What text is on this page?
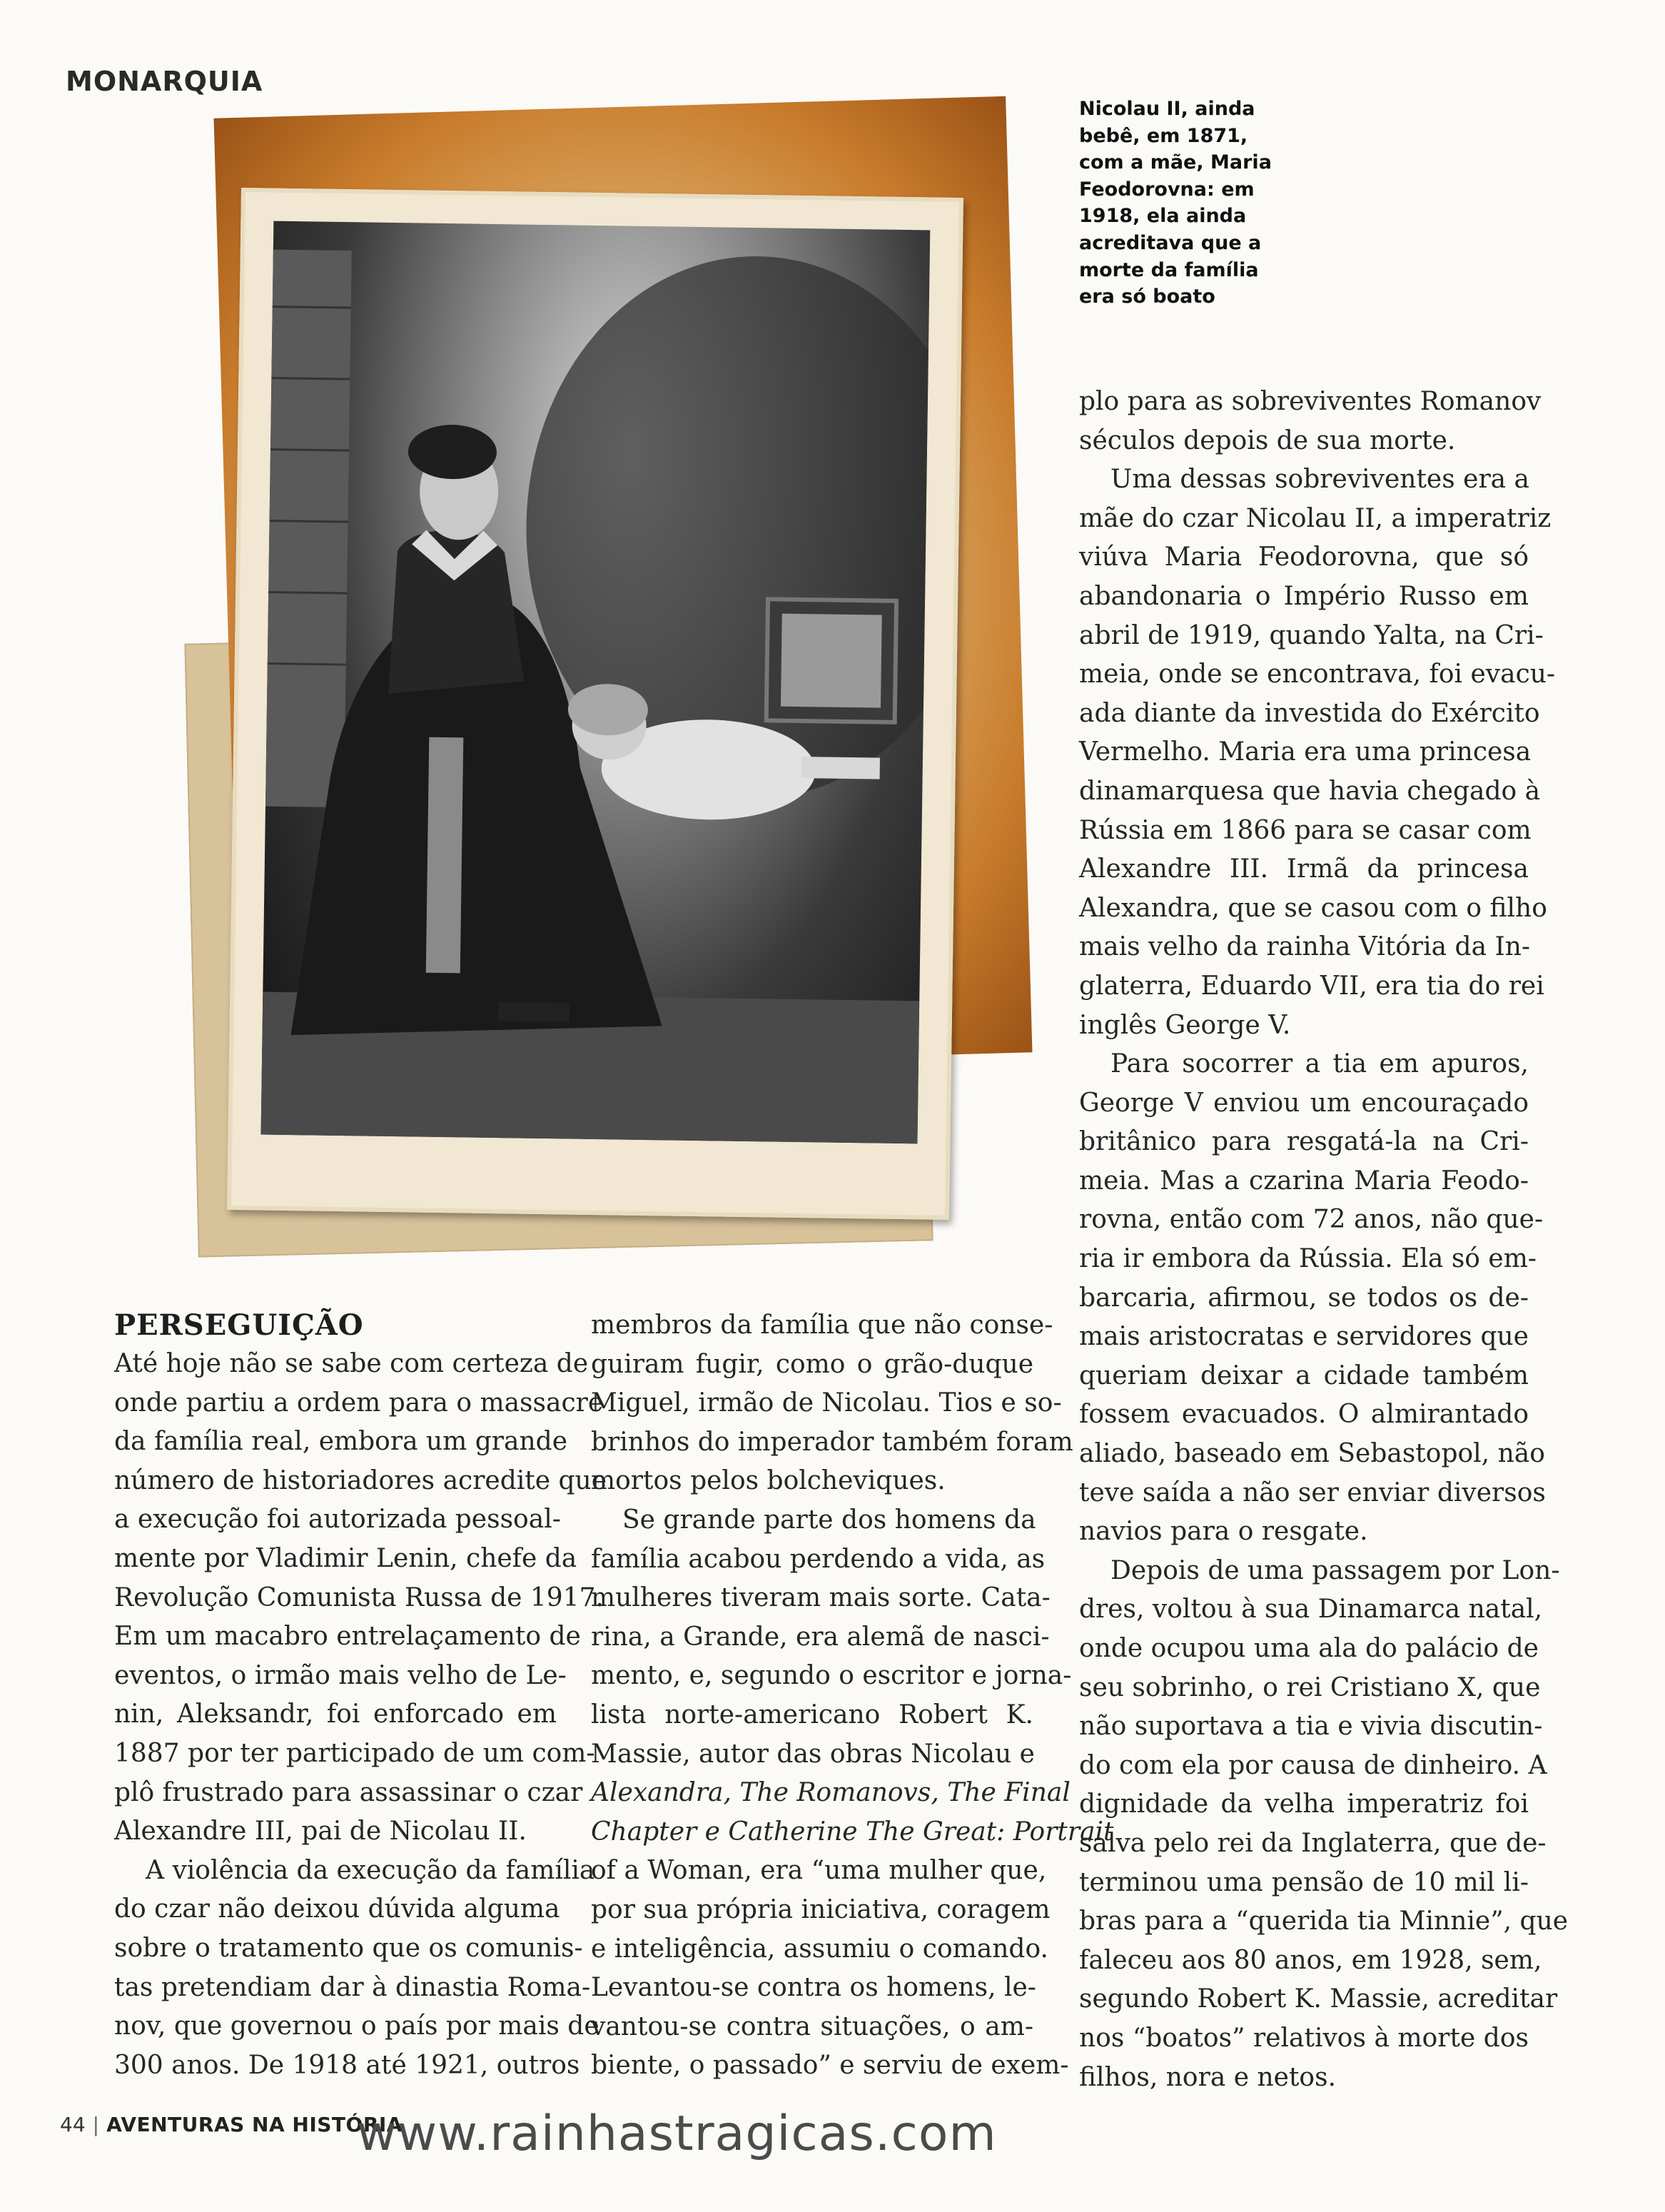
MONARQUIA
Nicolau II, ainda
bebê, em 1871,
com a mãe, Maria
Feodorovna: em
1918, ela ainda
acreditava que a
morte da família
era só boato

PERSEGUIÇÃO

Até hoje não se sabe com certeza de
onde partiu a ordem para o massacre
da família real, embora um grande
número de historiadores acredite que
a execução foi autorizada pessoal-
mente por Vladimir Lenin, chefe da
Revolução Comunista Russa de 1917.
Em um macabro entrelaçamento de
eventos, o irmão mais velho de Le-
nin, Aleksandr, foi enforcado em
1887 por ter participado de um com-
plô frustrado para assassinar o czar
Alexandre III, pai de Nicolau II.
A violência da execução da família
do czar não deixou dúvida alguma
sobre o tratamento que os comunis-
tas pretendiam dar à dinastia Roma-
nov, que governou o país por mais de
300 anos. De 1918 até 1921, outros
membros da família que não conse-
guiram fugir, como o grão-duque
Miguel, irmão de Nicolau. Tios e so-
brinhos do imperador também foram
mortos pelos bolcheviques.
Se grande parte dos homens da
família acabou perdendo a vida, as
mulheres tiveram mais sorte. Cata-
rina, a Grande, era alemã de nasci-
mento, e, segundo o escritor e jorna-
lista norte-americano Robert K.
Massie, autor das obras Nicolau e
Alexandra, The Romanovs, The Final
Chapter e Catherine The Great: Portrait
of a Woman, era “uma mulher que,
por sua própria iniciativa, coragem
e inteligência, assumiu o comando.
Levantou-se contra os homens, le-
vantou-se contra situações, o am-
biente, o passado” e serviu de exem-
plo para as sobreviventes Romanov
séculos depois de sua morte.
Uma dessas sobreviventes era a
mãe do czar Nicolau II, a imperatriz
viúva Maria Feodorovna, que só
abandonaria o Império Russo em
abril de 1919, quando Yalta, na Cri-
meia, onde se encontrava, foi evacu-
ada diante da investida do Exército
Vermelho. Maria era uma princesa
dinamarquesa que havia chegado à
Rússia em 1866 para se casar com
Alexandre III. Irmã da princesa
Alexandra, que se casou com o filho
mais velho da rainha Vitória da In-
glaterra, Eduardo VII, era tia do rei
inglês George V.
Para socorrer a tia em apuros,
George V enviou um encouraçado
britânico para resgatá-la na Cri-
meia. Mas a czarina Maria Feodo-
rovna, então com 72 anos, não que-
ria ir embora da Rússia. Ela só em-
barcaria, afirmou, se todos os de-
mais aristocratas e servidores que
queriam deixar a cidade também
fossem evacuados. O almirantado
aliado, baseado em Sebastopol, não
teve saída a não ser enviar diversos
navios para o resgate.
Depois de uma passagem por Lon-
dres, voltou à sua Dinamarca natal,
onde ocupou uma ala do palácio de
seu sobrinho, o rei Cristiano X, que
não suportava a tia e vivia discutin-
do com ela por causa de dinheiro. A
dignidade da velha imperatriz foi
salva pelo rei da Inglaterra, que de-
terminou uma pensão de 10 mil li-
bras para a “querida tia Minnie”, que
faleceu aos 80 anos, em 1928, sem,
segundo Robert K. Massie, acreditar
nos “boatos” relativos à morte dos
filhos, nora e netos.
44 | AVENTURAS NA HISTÓRIA
www.rainhastragicas.com
